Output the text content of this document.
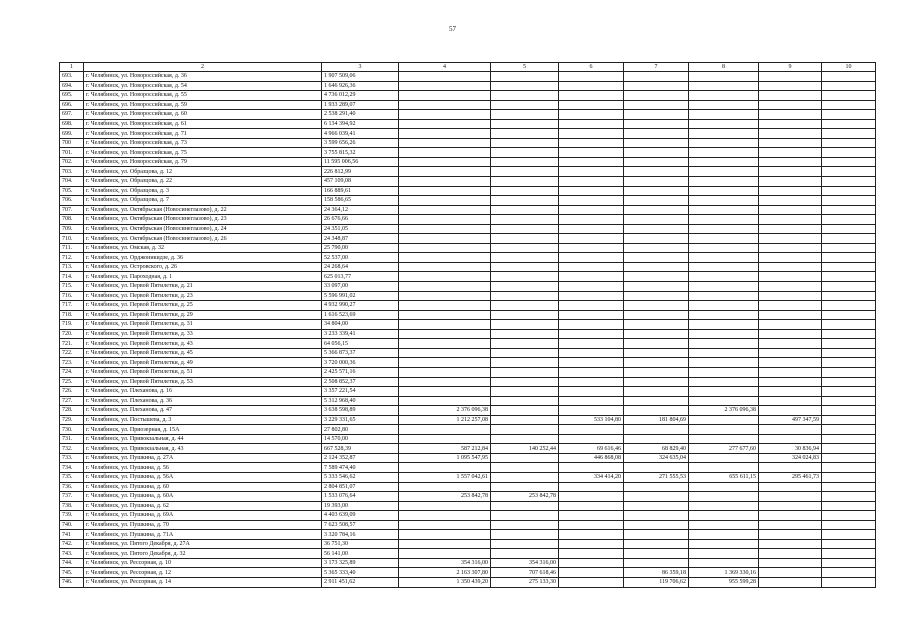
57
1	2	3	4	5	6	7	8	9	10
693.	г. Челябинск, ул. Новороссийская, д. 36	1 907 509,06							
694.	г. Челябинск, ул. Новороссийская, д. 54	1 646 926,36							
695.	г. Челябинск, ул. Новороссийская, д. 55	4 736 012,29							
696.	г. Челябинск, ул. Новороссийская, д. 59	1 933 289,07							
697.	г. Челябинск, ул. Новороссийская, д. 60	2 538 291,40							
698.	г. Челябинск, ул. Новороссийская, д. 61	6 134 394,92							
699.	г. Челябинск, ул. Новороссийская, д. 71	4 966 039,41							
700	г. Челябинск, ул. Новороссийская, д. 73	3 599 656,26							
701.	г. Челябинск, ул. Новороссийская, д. 75	3 755 815,32							
702.	г. Челябинск, ул. Новороссийская, д. 79	11 595 006,56							
703.	г. Челябинск, ул. Образцова, д. 12	226 812,99							
704.	г. Челябинск, ул. Образцова, д. 22	457 109,08							
705.	г. Челябинск, ул. Образцова, д. 3	166 889,61							
706.	г. Челябинск, ул. Образцова, д. 7	158 586,65							
707.	г. Челябинск, ул. Октябрьская (Новосинеглазово), д. 22	24 364,12							
708.	г. Челябинск, ул. Октябрьская (Новосинеглазово), д. 23	26 676,66							
709.	г. Челябинск, ул. Октябрьская (Новосинеглазово), д. 24	24 351,05							
710.	г. Челябинск, ул. Октябрьская (Новосинеглазово), д. 26	24 348,87							
711.	г. Челябинск, ул. Омская, д. 32	25 790,00							
712.	г. Челябинск, ул. Орджоникидзе, д. 36	52 537,00							
713.	г. Челябинск, ул. Островского, д. 26	24 268,64							
714.	г. Челябинск, ул. Пароходная, д. 1	625 013,77							
715.	г. Челябинск, ул. Первой Пятилетки, д. 21	33 097,00							
716.	г. Челябинск, ул. Первой Пятилетки, д. 23	5 596 991,02							
717.	г. Челябинск, ул. Первой Пятилетки, д. 25	4 932 990,27							
718.	г. Челябинск, ул. Первой Пятилетки, д. 29	1 616 523,69							
719.	г. Челябинск, ул. Первой Пятилетки, д. 31	34 804,00							
720.	г. Челябинск, ул. Первой Пятилетки, д. 33	3 233 339,41							
721.	г. Челябинск, ул. Первой Пятилетки, д. 43	64 056,15							
722.	г. Челябинск, ул. Первой Пятилетки, д. 45	5 366 873,37							
723.	г. Челябинск, ул. Первой Пятилетки, д. 49	3 720 000,36							
724.	г. Челябинск, ул. Первой Пятилетки, д. 51	2 425 571,16							
725.	г. Челябинск, ул. Первой Пятилетки, д. 53	2 508 852,37							
726.	г. Челябинск, ул. Плеханова, д. 16	3 357 221,54							
727.	г. Челябинск, ул. Плеханова, д. 36	5 312 968,40							
728.	г. Челябинск, ул. Плеханова, д. 47	3 638 598,89	2 376 096,38				2 376 096,38		
729.	г. Челябинск, ул. Постышева, д. 3	3 229 331,65	1 212 257,08		533 104,80	181 804,69		497 347,59	
730.	г. Челябинск, ул. Приозерная, д. 15А	27 802,80							
731.	г. Челябинск, ул. Привокзальная, д. 44	14 570,00							
732.	г. Челябинск, ул. Привокзальная, д. 43	667 528,39	587 212,84	140 252,44	69 616,46	68 829,40	277 677,60	30 836,94	
733.	г. Челябинск, ул. Пушкина, д. 27А	2 124 352,87	1 095 547,95		446 868,08	324 635,04		324 024,83	
734.	г. Челябинск, ул. Пушкина, д. 56	7 589 474,40							
735.	г. Челябинск, ул. Пушкина, д. 56А	5 333 546,62	1 557 042,61		334 414,20	271 555,53	655 611,15	295 461,73	
736.	г. Челябинск, ул. Пушкина, д. 60	2 804 851,07							
737.	г. Челябинск, ул. Пушкина, д. 60А	1 533 076,64	253 842,78	253 842,78					
738.	г. Челябинск, ул. Пушкина, д. 62	19 393,00							
739.	г. Челябинск, ул. Пушкина, д. 69А	4 403 639,09							
740.	г. Челябинск, ул. Пушкина, д. 70	7 623 508,57							
741	г. Челябинск, ул. Пушкина, д. 71А	3 320 784,16							
742.	г. Челябинск, ул. Пятого Декабря, д. 27А	36 751,30							
743.	г. Челябинск, ул. Пятого Декабря, д. 32	56 141,00							
744.	г. Челябинск, ул. Рессорная, д. 10	3 173 325,89	354 316,00	354 316,00					
745.	г. Челябинск, ул. Рессорная, д. 12	5 365 333,40	2 163 307,80	707 618,46		86 359,18	1 369 330,16		
746.	г. Челябинск, ул. Рессорная, д. 14	2 911 451,62	1 350 439,20	275 133,30		119 706,62	955 599,28		
